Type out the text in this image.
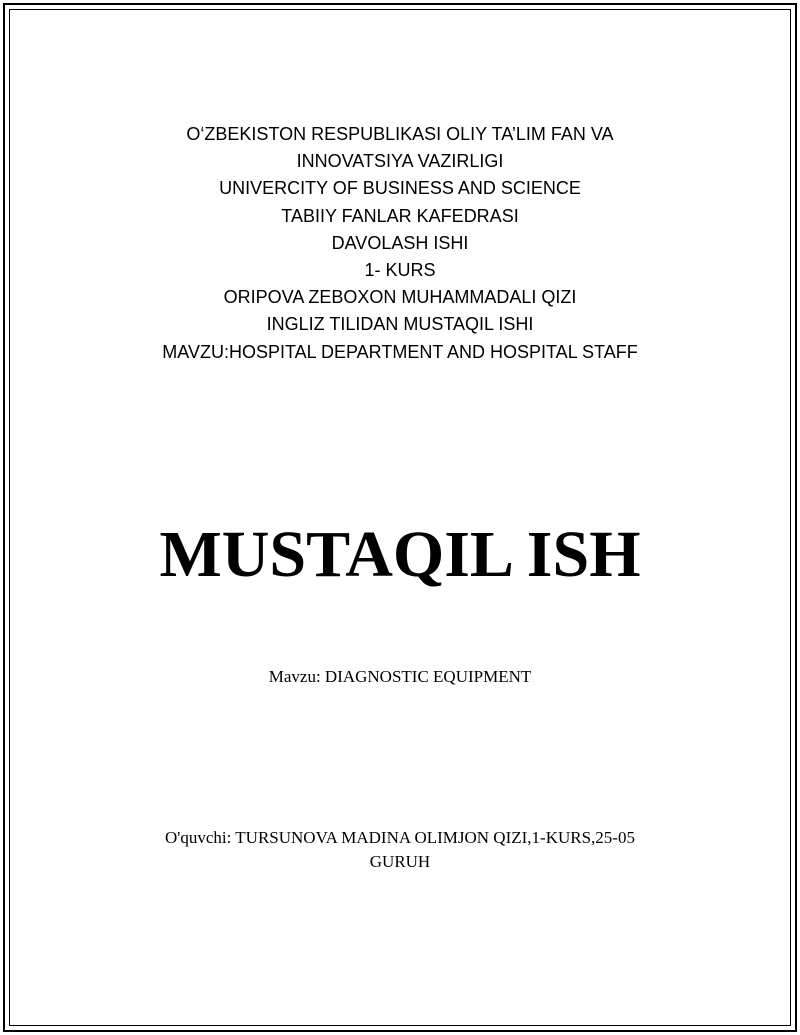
O‘ZBEKISTON RESPUBLIKASI OLIY TA’LIM FAN VA
INNOVATSIYA VAZIRLIGI
UNIVERCITY OF BUSINESS AND SCIENCE
TABIIY FANLAR KAFEDRASI
DAVOLASH ISHI
1- KURS
ORIPOVA ZEBOXON MUHAMMADALI QIZI
INGLIZ TILIDAN MUSTAQIL ISHI
MAVZU:HOSPITAL DEPARTMENT AND HOSPITAL STAFF
MUSTAQIL ISH
Mavzu: DIAGNOSTIC EQUIPMENT
O'quvchi: TURSUNOVA MADINA OLIMJON QIZI,1-KURS,25-05
GURUH
